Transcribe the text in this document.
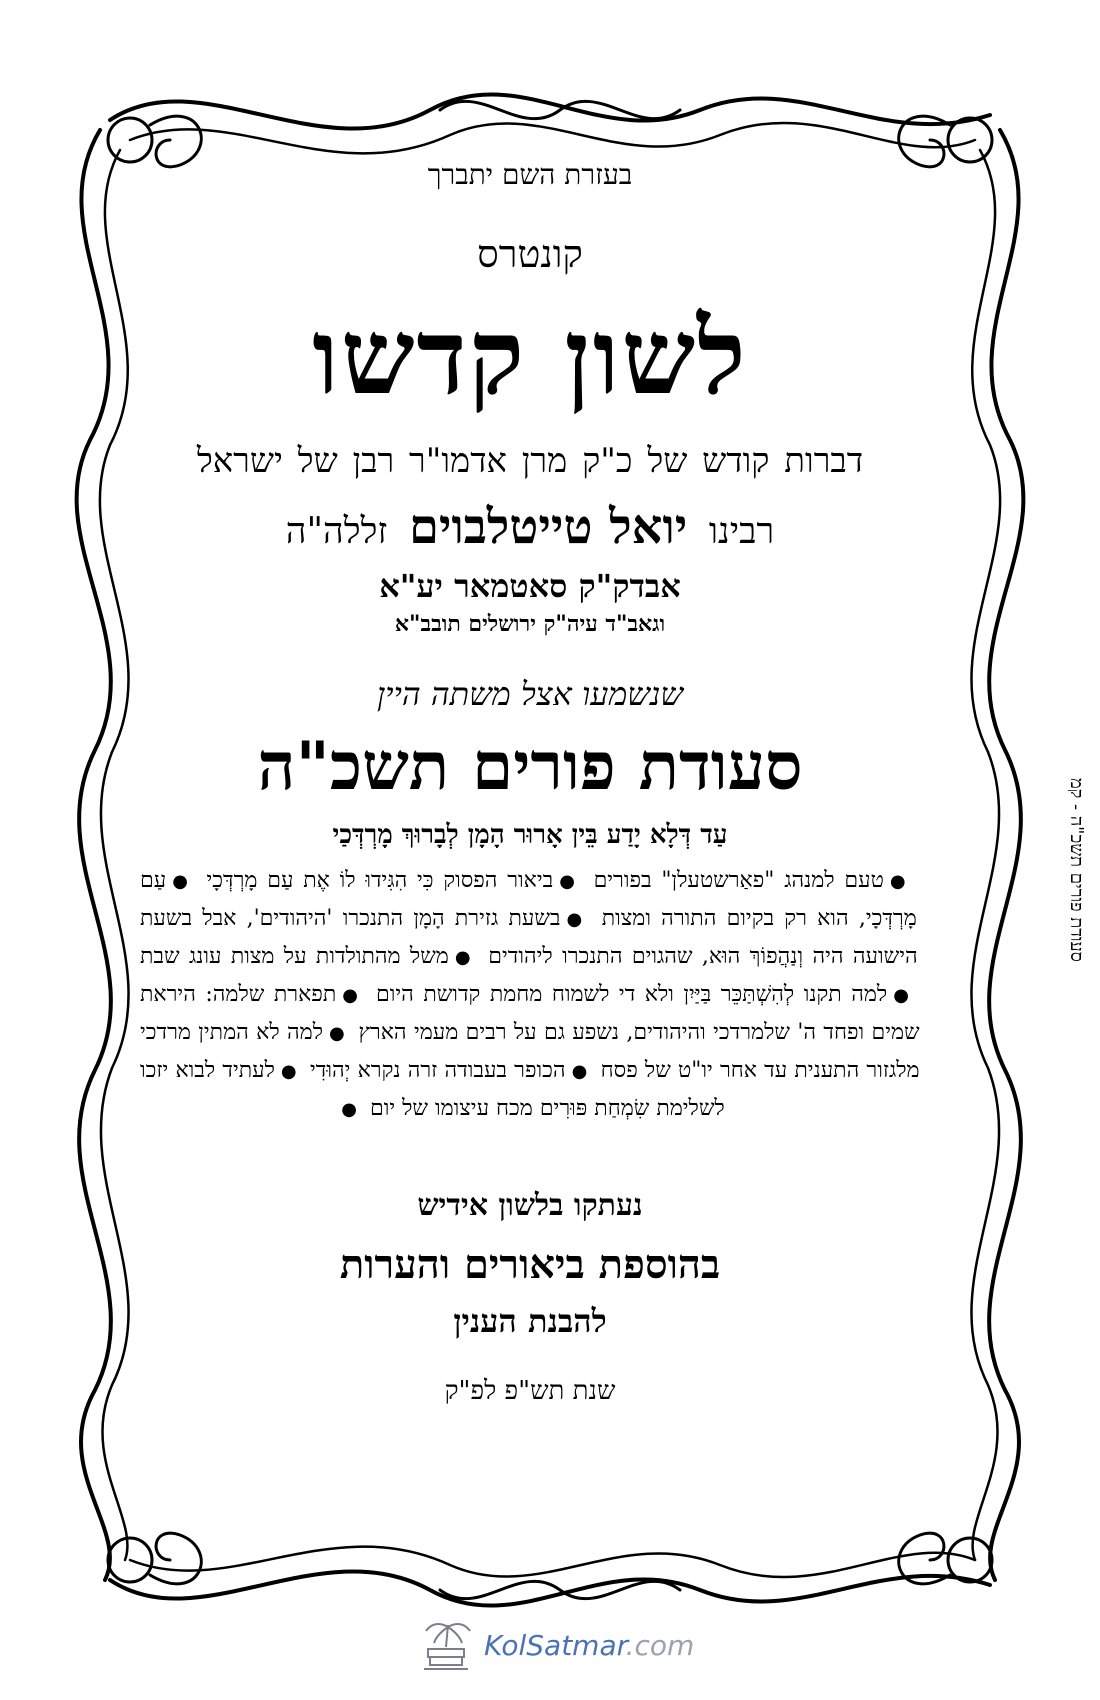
בעזרת השם יתברך
קונטרס
לשון קדשו
דברות קודש של כ"ק מרן אדמו"ר רבן של ישראל
רבינו יואל טייטלבוים זללה"ה
אבדק"ק סאטמאר יע"א
וגאב"ד עיה"ק ירושלים תובב"א
שנשמעו אצל משתה היין
סעודת פורים תשכ"ה
עַד דְּלָא יָדַע בֵּין אָרוּר הָמָן לְבָרוּךְ מָרְדְּכַי
●טעם למנהג "פאַרשטעלן" בפורים ●ביאור הפסוק כִּי הִגִּידוּ לוֹ אֶת עַם מָרְדְּכָי ●עַם מָרְדְּכָי, הוא רק בקיום התורה ומצות ●בשעת גזירת הָמָן התנכרו 'היהודים', אבל בשעת הישועה היה וְנַהֲפוֹךְ הוּא, שהגוים התנכרו ליהודים ●משל מהתולדות על מצות עונג שבת ●למה תקנו לְהִשְׁתַּכֵּר בַּיַּיִן ולא די לשמוח מחמת קדושת היום ●תפארת שלמה: היראת שמים ופחד ה' שלמרדכי והיהודים, נשפע גם על רבים מעמי הארץ ●למה לא המתין מרדכי מלגזור התענית עד אחר יו"ט של פסח ●הכופר בעבודה זרה נקרא יְהוּדִי ●לעתיד לבוא יזכו לשלימת שִׂמְחַת פּוּרִים מכח עיצומו של יום ●
נעתקו בלשון אידיש
בהוספת ביאורים והערות
להבנת הענין
שנת תש"פ לפ"ק
סעודת פורים תשכ"ה - קמ
KolSatmar.com
